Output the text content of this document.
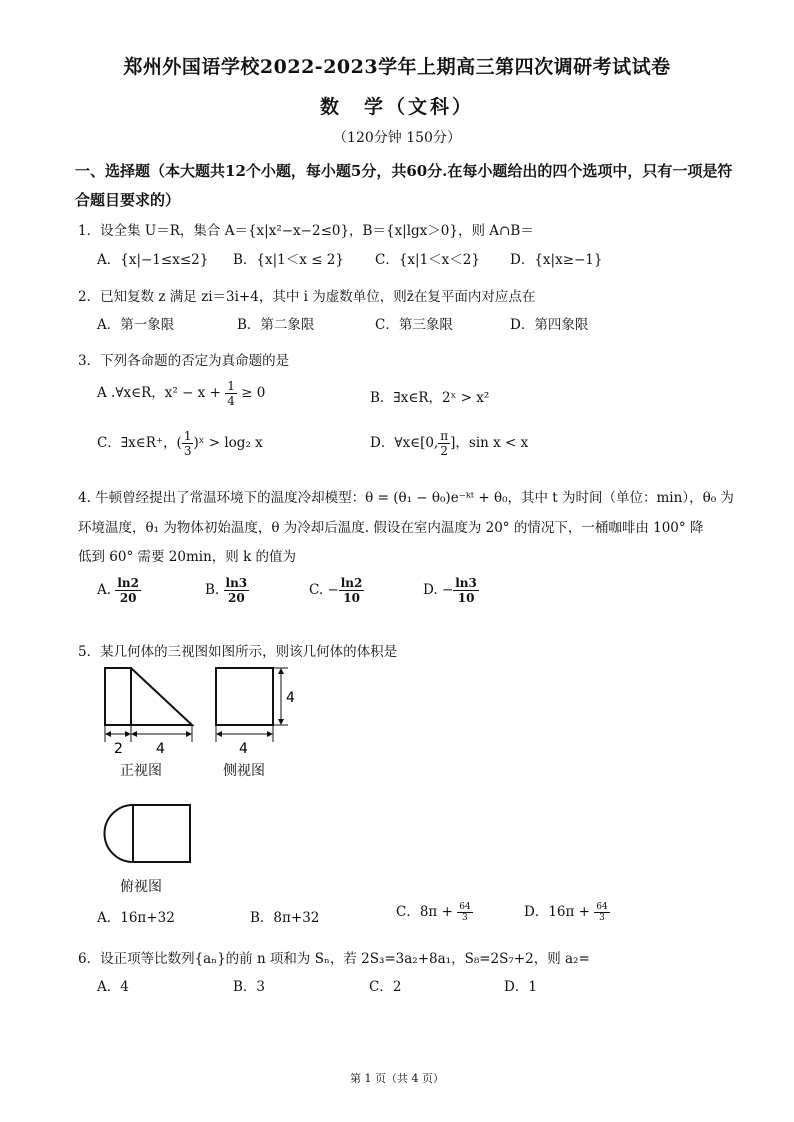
郑州外国语学校2022-2023学年上期高三第四次调研考试试卷
数　学（文科）
（120分钟 150分）
一、选择题（本大题共12个小题，每小题5分，共60分.在每小题给出的四个选项中，只有一项是符合题目要求的）
1．设全集 U＝R，集合 A＝{x|x²−x−2≤0}，B＝{x|lgx＞0}，则 A∩B＝
A．{x|−1≤x≤2} B．{x|1＜x ≤ 2} C．{x|1＜x＜2} D．{x|x≥−1}
2．已知复数 z 满足 zi＝3i+4，其中 i 为虚数单位，则z̄在复平面内对应点在
A．第一象限	B．第二象限	C．第三象限	D．第四象限
3．下列各命题的否定为真命题的是
A .∀x∈R，$x^2 - x + \frac{1}{4} \ge 0$	B．∃x∈R，2ˣ > x²
C．∃x∈R⁺，( $\frac{1}{3}$ )ˣ > log₂ x	D．∀x∈[0, $\frac{\pi}{2}$ ]，sin x < x
4. 牛顿曾经提出了常温环境下的温度冷却模型：θ = (θ₁ − θ₀)e⁻ᵏᵗ + θ₀，其中 t 为时间（单位：min），θ₀ 为
环境温度，θ₁ 为物体初始温度，θ 为冷却后温度. 假设在室内温度为 20° 的情况下，一桶咖啡由 100° 降
低到 60° 需要 20min，则 k 的值为
A. $\frac{\ln 2}{20}$	B. $\frac{\ln 3}{20}$	C. − $\frac{\ln 2}{10}$	D. − $\frac{\ln 3}{10}$
5．某几何体的三视图如图所示，则该几何体的体积是
2 4
正视图
4
4
侧视图
俯视图
A．16π+32	B．8π+32	C．$8\pi + \frac{64}{3}$	D．$16\pi + \frac{64}{3}$
6．设正项等比数列{aₙ}的前 n 项和为 Sₙ，若 2S₃=3a₂+8a₁，S₈=2S₇+2，则 a₂=
A．4	B．3	C．2	D．1
第 1 页（共 4 页）
